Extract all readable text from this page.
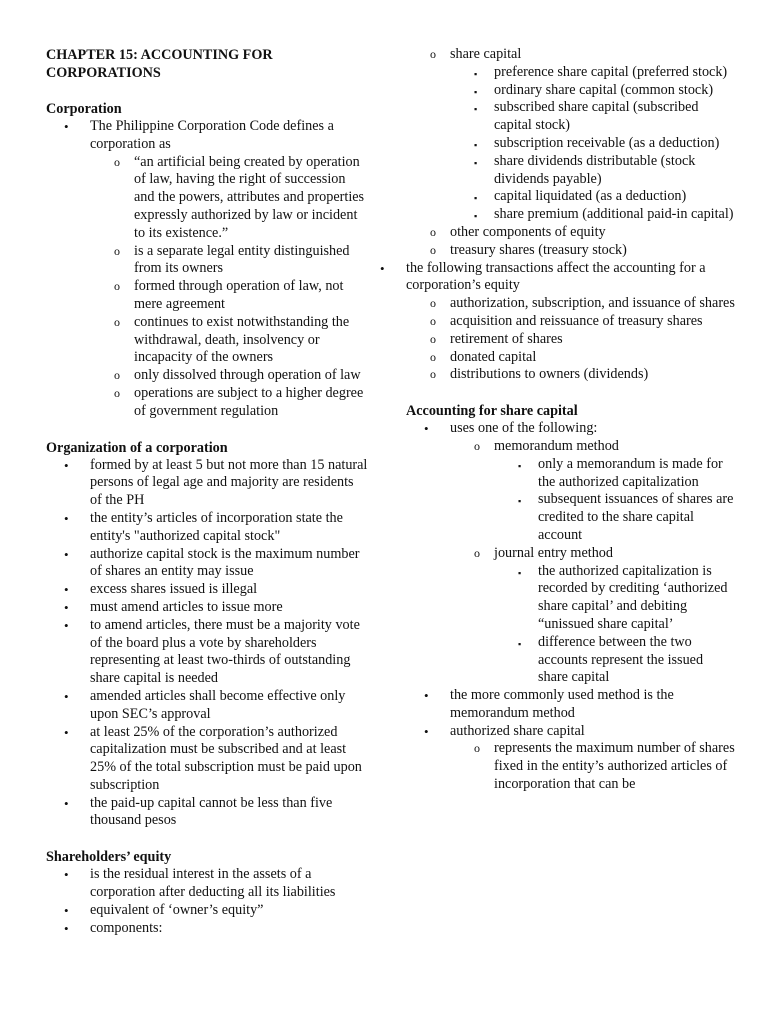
CHAPTER 15: ACCOUNTING FOR
CORPORATIONS
Corporation
• The Philippine Corporation Code defines a corporation as
o “an artificial being created by operation of law, having the right of succession and the powers, attributes and properties expressly authorized by law or incident to its existence.”
o is a separate legal entity distinguished from its owners
o formed through operation of law, not mere agreement
o continues to exist notwithstanding the withdrawal, death, insolvency or incapacity of the owners
o only dissolved through operation of law
o operations are subject to a higher degree of government regulation
Organization of a corporation
• formed by at least 5 but not more than 15 natural persons of legal age and majority are residents of the PH
• the entity’s articles of incorporation state the entity's "authorized capital stock"
• authorize capital stock is the maximum number of shares an entity may issue
• excess shares issued is illegal
• must amend articles to issue more
• to amend articles, there must be a majority vote of the board plus a vote by shareholders representing at least two-thirds of outstanding share capital is needed
• amended articles shall become effective only upon SEC’s approval
• at least 25% of the corporation’s authorized capitalization must be subscribed and at least 25% of the total subscription must be paid upon subscription
• the paid-up capital cannot be less than five thousand pesos
Shareholders’ equity
• is the residual interest in the assets of a corporation after deducting all its liabilities
• equivalent of ‘owner’s equity”
• components:
o share capital
▪ preference share capital (preferred stock)
▪ ordinary share capital (common stock)
▪ subscribed share capital (subscribed capital stock)
▪ subscription receivable (as a deduction)
▪ share dividends distributable (stock dividends payable)
▪ capital liquidated (as a deduction)
▪ share premium (additional paid-in capital)
o other components of equity
o treasury shares (treasury stock)
• the following transactions affect the accounting for a corporation’s equity
o authorization, subscription, and issuance of shares
o acquisition and reissuance of treasury shares
o retirement of shares
o donated capital
o distributions to owners (dividends)
Accounting for share capital
• uses one of the following:
o memorandum method
▪ only a memorandum is made for the authorized capitalization
▪ subsequent issuances of shares are credited to the share capital account
o journal entry method
▪ the authorized capitalization is recorded by crediting ‘authorized share capital’ and debiting “unissued share capital’
▪ difference between the two accounts represent the issued share capital
• the more commonly used method is the memorandum method
• authorized share capital
o represents the maximum number of shares fixed in the entity’s authorized articles of incorporation that can be
